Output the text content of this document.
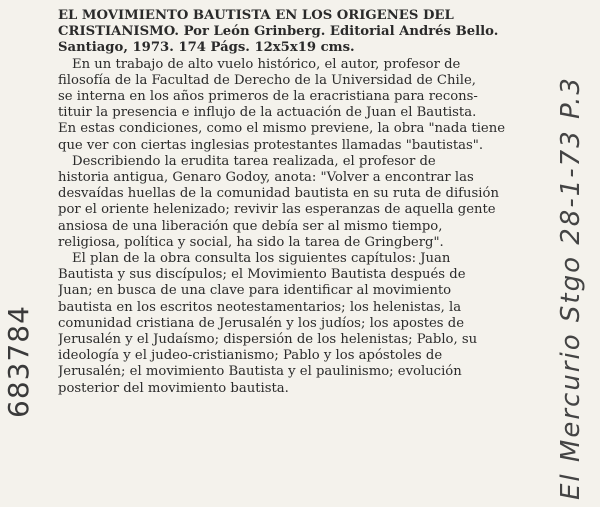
EL MOVIMIENTO BAUTISTA EN LOS ORIGENES DEL
CRISTIANISMO. Por León Grinberg. Editorial Andrés Bello.
Santiago, 1973. 174 Págs. 12x5x19 cms.
En un trabajo de alto vuelo histórico, el autor, profesor de
filosofía de la Facultad de Derecho de la Universidad de Chile,
se interna en los años primeros de la eracristiana para recons-
tituir la presencia e influjo de la actuación de Juan el Bautista.
En estas condiciones, como el mismo previene, la obra "nada tiene
que ver con ciertas inglesias protestantes llamadas "bautistas".
Describiendo la erudita tarea realizada, el profesor de
historia antigua, Genaro Godoy, anota: "Volver a encontrar las
desvaídas huellas de la comunidad bautista en su ruta de difusión
por el oriente helenizado; revivir las esperanzas de aquella gente
ansiosa de una liberación que debía ser al mismo tiempo,
religiosa, política y social, ha sido la tarea de Gringberg".
El plan de la obra consulta los siguientes capítulos: Juan
Bautista y sus discípulos; el Movimiento Bautista después de
Juan; en busca de una clave para identificar al movimiento
bautista en los escritos neotestamentarios; los helenistas, la
comunidad cristiana de Jerusalén y los judíos; los apostes de
Jerusalén y el Judaísmo; dispersión de los helenistas; Pablo, su
ideología y el judeo-cristianismo; Pablo y los apóstoles de
Jerusalén; el movimiento Bautista y el paulinismo; evolución
posterior del movimiento bautista.
683784	El Mercurio Stgo 28-1-73 P.3
